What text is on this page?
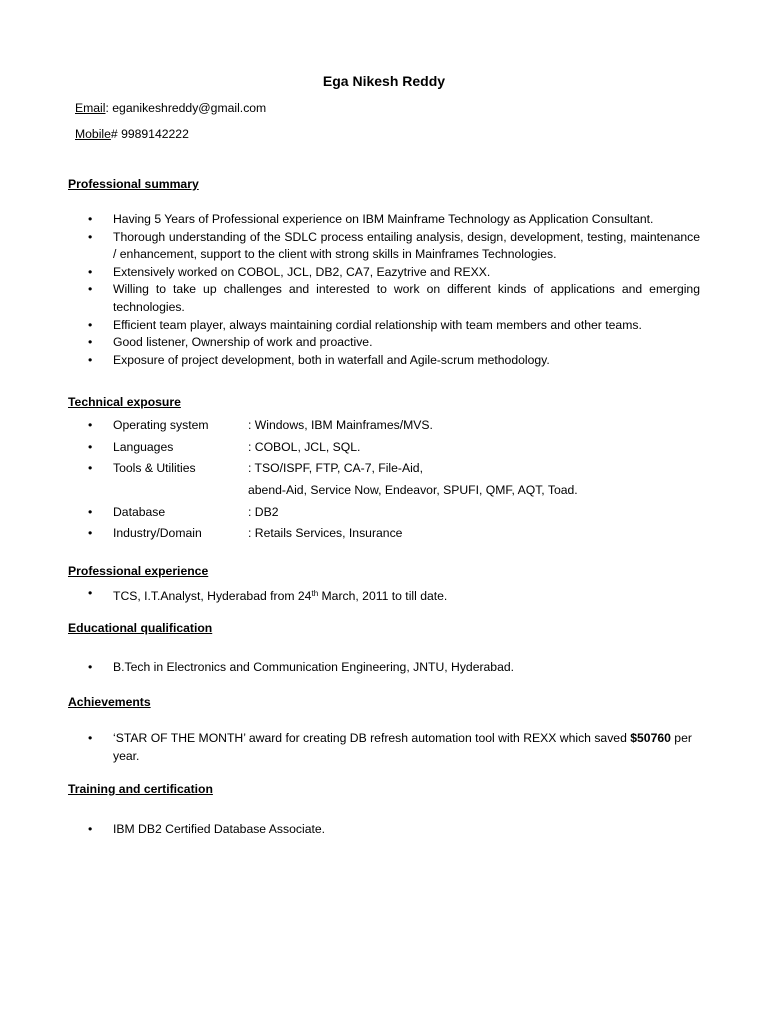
Ega Nikesh Reddy
Email: eganikeshreddy@gmail.com
Mobile# 9989142222
Professional summary
• Having 5 Years of Professional experience on IBM Mainframe Technology as Application Consultant.
• Thorough understanding of the SDLC process entailing analysis, design, development, testing, maintenance / enhancement, support to the client with strong skills in Mainframes Technologies.
• Extensively worked on COBOL, JCL, DB2, CA7, Eazytrive and REXX.
• Willing to take up challenges and interested to work on different kinds of applications and emerging technologies.
• Efficient team player, always maintaining cordial relationship with team members and other teams.
• Good listener, Ownership of work and proactive.
• Exposure of project development, both in waterfall and Agile-scrum methodology.
Technical exposure
• Operating system	: Windows, IBM Mainframes/MVS.
• Languages	: COBOL, JCL, SQL.
• Tools & Utilities	: TSO/ISPF, FTP, CA-7, File-Aid,
abend-Aid, Service Now, Endeavor, SPUFI, QMF, AQT, Toad.
• Database	: DB2
• Industry/Domain	: Retails Services, Insurance
Professional experience
• TCS, I.T.Analyst, Hyderabad from 24th March, 2011 to till date.
Educational qualification
• B.Tech in Electronics and Communication Engineering, JNTU, Hyderabad.
Achievements
• ‘STAR OF THE MONTH’ award for creating DB refresh automation tool with REXX which saved $50760 per year.
Training and certification
• IBM DB2 Certified Database Associate.
